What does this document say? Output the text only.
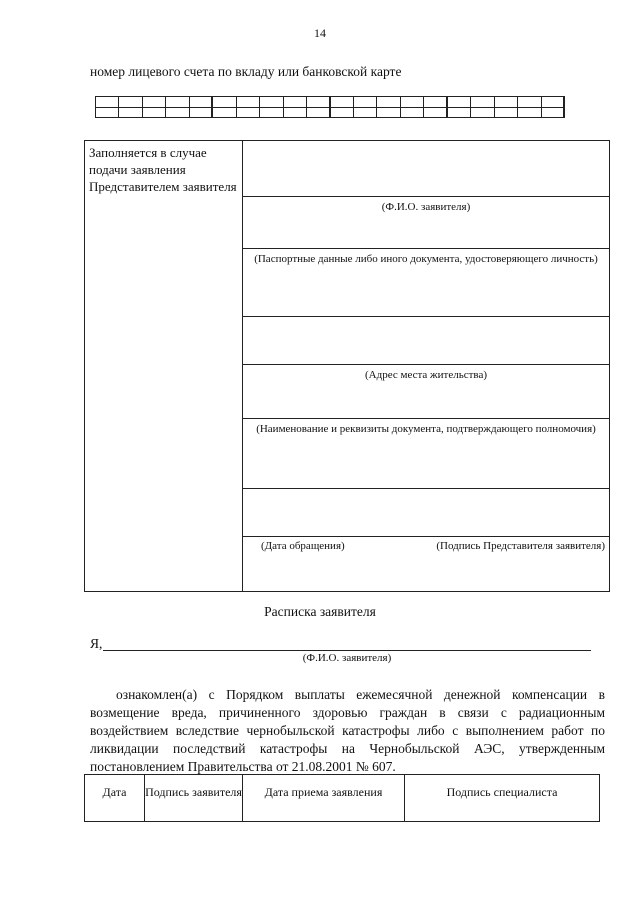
14
номер лицевого счета по вкладу или банковской карте
Заполняется в случае подачи заявления Представителем заявителя
(Ф.И.О. заявителя)
(Паспортные данные либо иного документа, удостоверяющего личность)
(Адрес места жительства)
(Наименование и реквизиты документа, подтверждающего полномочия)
(Дата обращения)	(Подпись Представителя заявителя)
Расписка заявителя
Я,
(Ф.И.О. заявителя)
ознакомлен(а) с Порядком выплаты ежемесячной денежной компенсации в возмещение вреда, причиненного здоровью граждан в связи с радиационным воздействием вследствие чернобыльской катастрофы либо с выполнением работ по ликвидации последствий катастрофы на Чернобыльской АЭС, утвержденным постановлением Правительства от 21.08.2001 № 607.
Дата	Подпись заявителя	Дата приема заявления	Подпись специалиста
